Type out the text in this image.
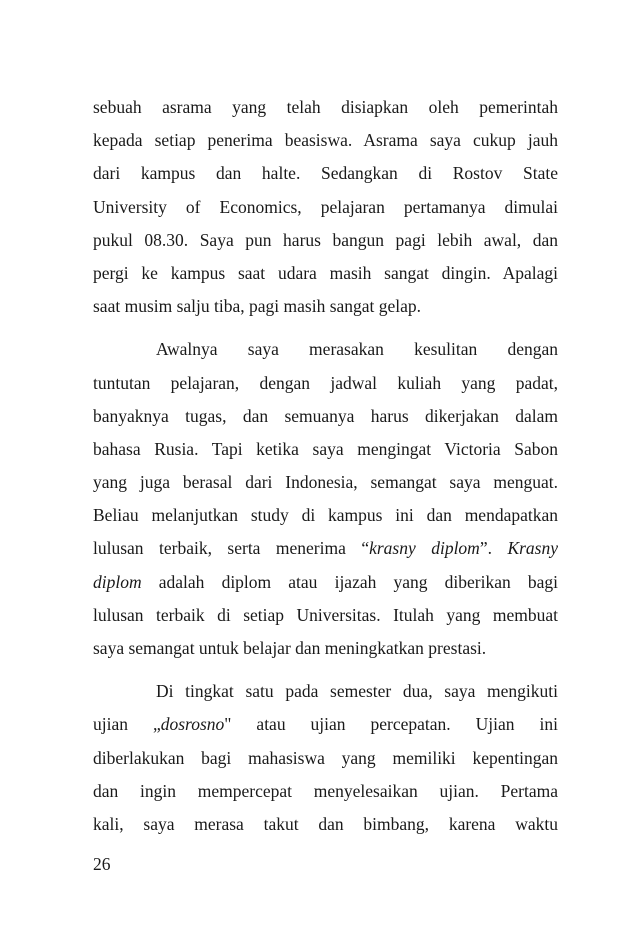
sebuah asrama yang telah disiapkan oleh pemerintah
kepada setiap penerima beasiswa. Asrama saya cukup jauh
dari kampus dan halte. Sedangkan di Rostov State
University of Economics, pelajaran pertamanya dimulai
pukul 08.30. Saya pun harus bangun pagi lebih awal, dan
pergi ke kampus saat udara masih sangat dingin. Apalagi
saat musim salju tiba, pagi masih sangat gelap.
Awalnya saya merasakan kesulitan dengan
tuntutan pelajaran, dengan jadwal kuliah yang padat,
banyaknya tugas, dan semuanya harus dikerjakan dalam
bahasa Rusia. Tapi ketika saya mengingat Victoria Sabon
yang juga berasal dari Indonesia, semangat saya menguat.
Beliau melanjutkan study di kampus ini dan mendapatkan
lulusan terbaik, serta menerima “krasny diplom”. Krasny
diplom adalah diplom atau ijazah yang diberikan bagi
lulusan terbaik di setiap Universitas. Itulah yang membuat
saya semangat untuk belajar dan meningkatkan prestasi.
Di tingkat satu pada semester dua, saya mengikuti
ujian „dosrosno" atau ujian percepatan. Ujian ini
diberlakukan bagi mahasiswa yang memiliki kepentingan
dan ingin mempercepat menyelesaikan ujian. Pertama
kali, saya merasa takut dan bimbang, karena waktu
26
